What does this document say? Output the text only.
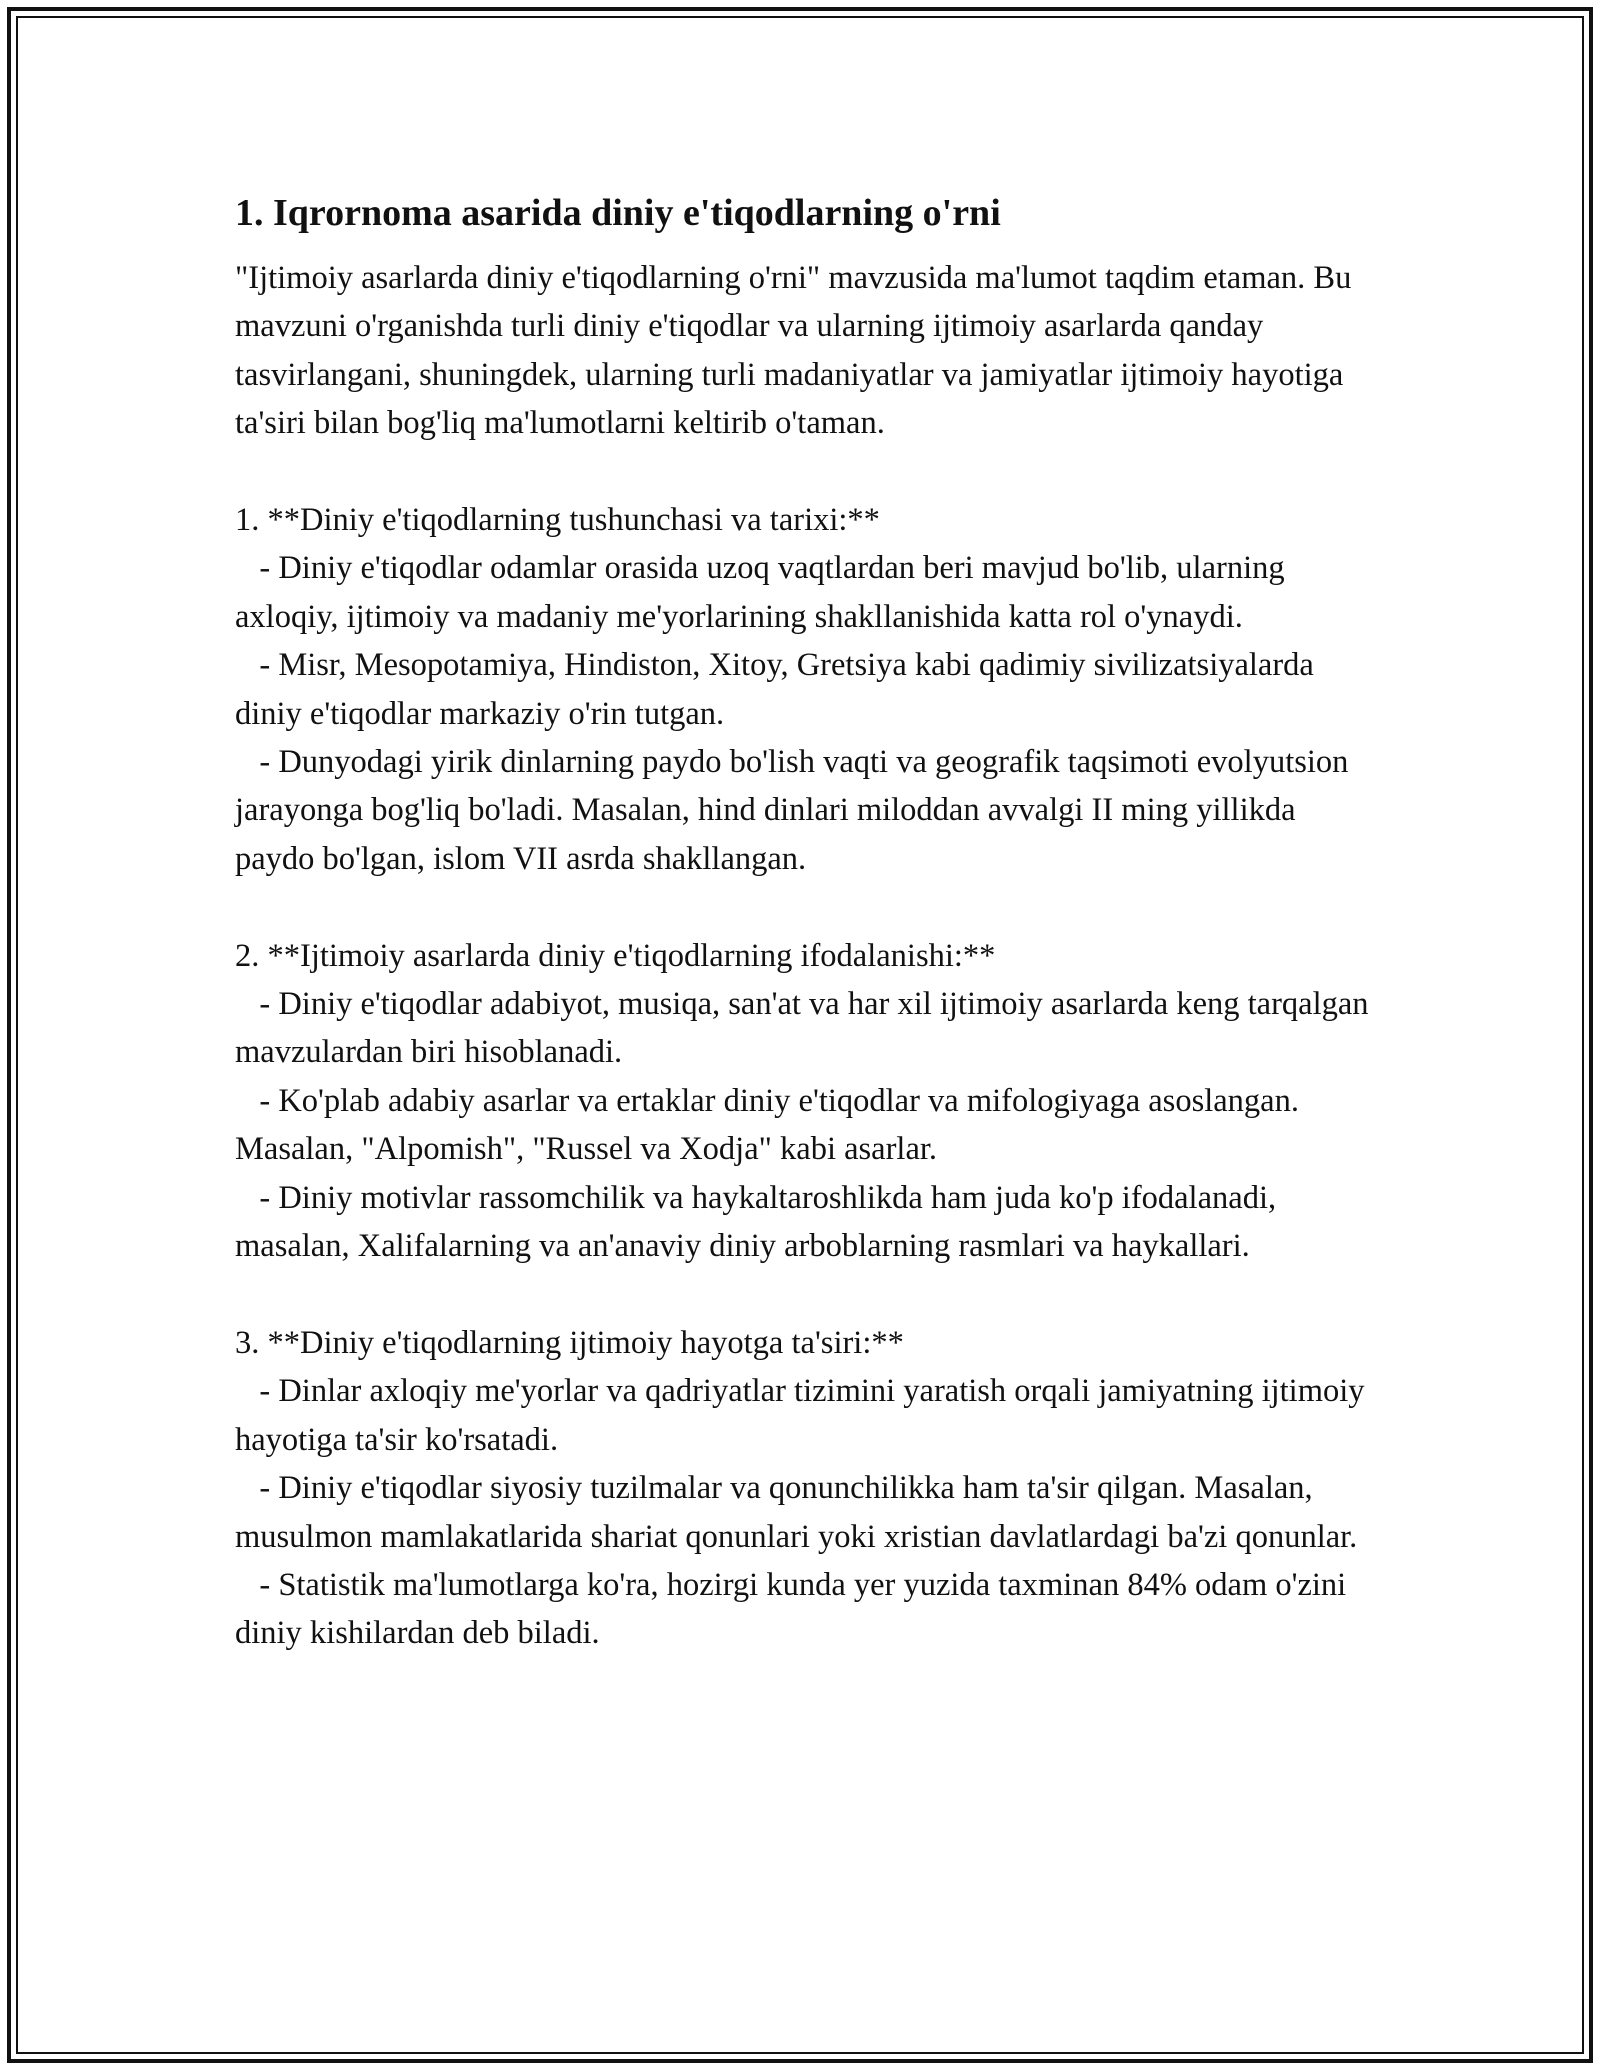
1. Iqrornoma asarida diniy e'tiqodlarning o'rni

"Ijtimoiy asarlarda diniy e'tiqodlarning o'rni" mavzusida ma'lumot taqdim etaman. Bu mavzuni o'rganishda turli diniy e'tiqodlar va ularning ijtimoiy asarlarda qanday tasvirlangani, shuningdek, ularning turli madaniyatlar va jamiyatlar ijtimoiy hayotiga ta'siri bilan bog'liq ma'lumotlarni keltirib o'taman.

1. **Diniy e'tiqodlarning tushunchasi va tarixi:**

- Diniy e'tiqodlar odamlar orasida uzoq vaqtlardan beri mavjud bo'lib, ularning axloqiy, ijtimoiy va madaniy me'yorlarining shakllanishida katta rol o'ynaydi.

- Misr, Mesopotamiya, Hindiston, Xitoy, Gretsiya kabi qadimiy sivilizatsiyalarda diniy e'tiqodlar markaziy o'rin tutgan.

- Dunyodagi yirik dinlarning paydo bo'lish vaqti va geografik taqsimoti evolyutsion jarayonga bog'liq bo'ladi. Masalan, hind dinlari miloddan avvalgi II ming yillikda paydo bo'lgan, islom VII asrda shakllangan.

2. **Ijtimoiy asarlarda diniy e'tiqodlarning ifodalanishi:**

- Diniy e'tiqodlar adabiyot, musiqa, san'at va har xil ijtimoiy asarlarda keng tarqalgan mavzulardan biri hisoblanadi.

- Ko'plab adabiy asarlar va ertaklar diniy e'tiqodlar va mifologiyaga asoslangan. Masalan, "Alpomish", "Russel va Xodja" kabi asarlar.

- Diniy motivlar rassomchilik va haykaltaroshlikda ham juda ko'p ifodalanadi, masalan, Xalifalarning va an'anaviy diniy arboblarning rasmlari va haykallari.

3. **Diniy e'tiqodlarning ijtimoiy hayotga ta'siri:**

- Dinlar axloqiy me'yorlar va qadriyatlar tizimini yaratish orqali jamiyatning ijtimoiy hayotiga ta'sir ko'rsatadi.

- Diniy e'tiqodlar siyosiy tuzilmalar va qonunchilikka ham ta'sir qilgan. Masalan, musulmon mamlakatlarida shariat qonunlari yoki xristian davlatlardagi ba'zi qonunlar.

- Statistik ma'lumotlarga ko'ra, hozirgi kunda yer yuzida taxminan 84% odam o'zini diniy kishilardan deb biladi.
